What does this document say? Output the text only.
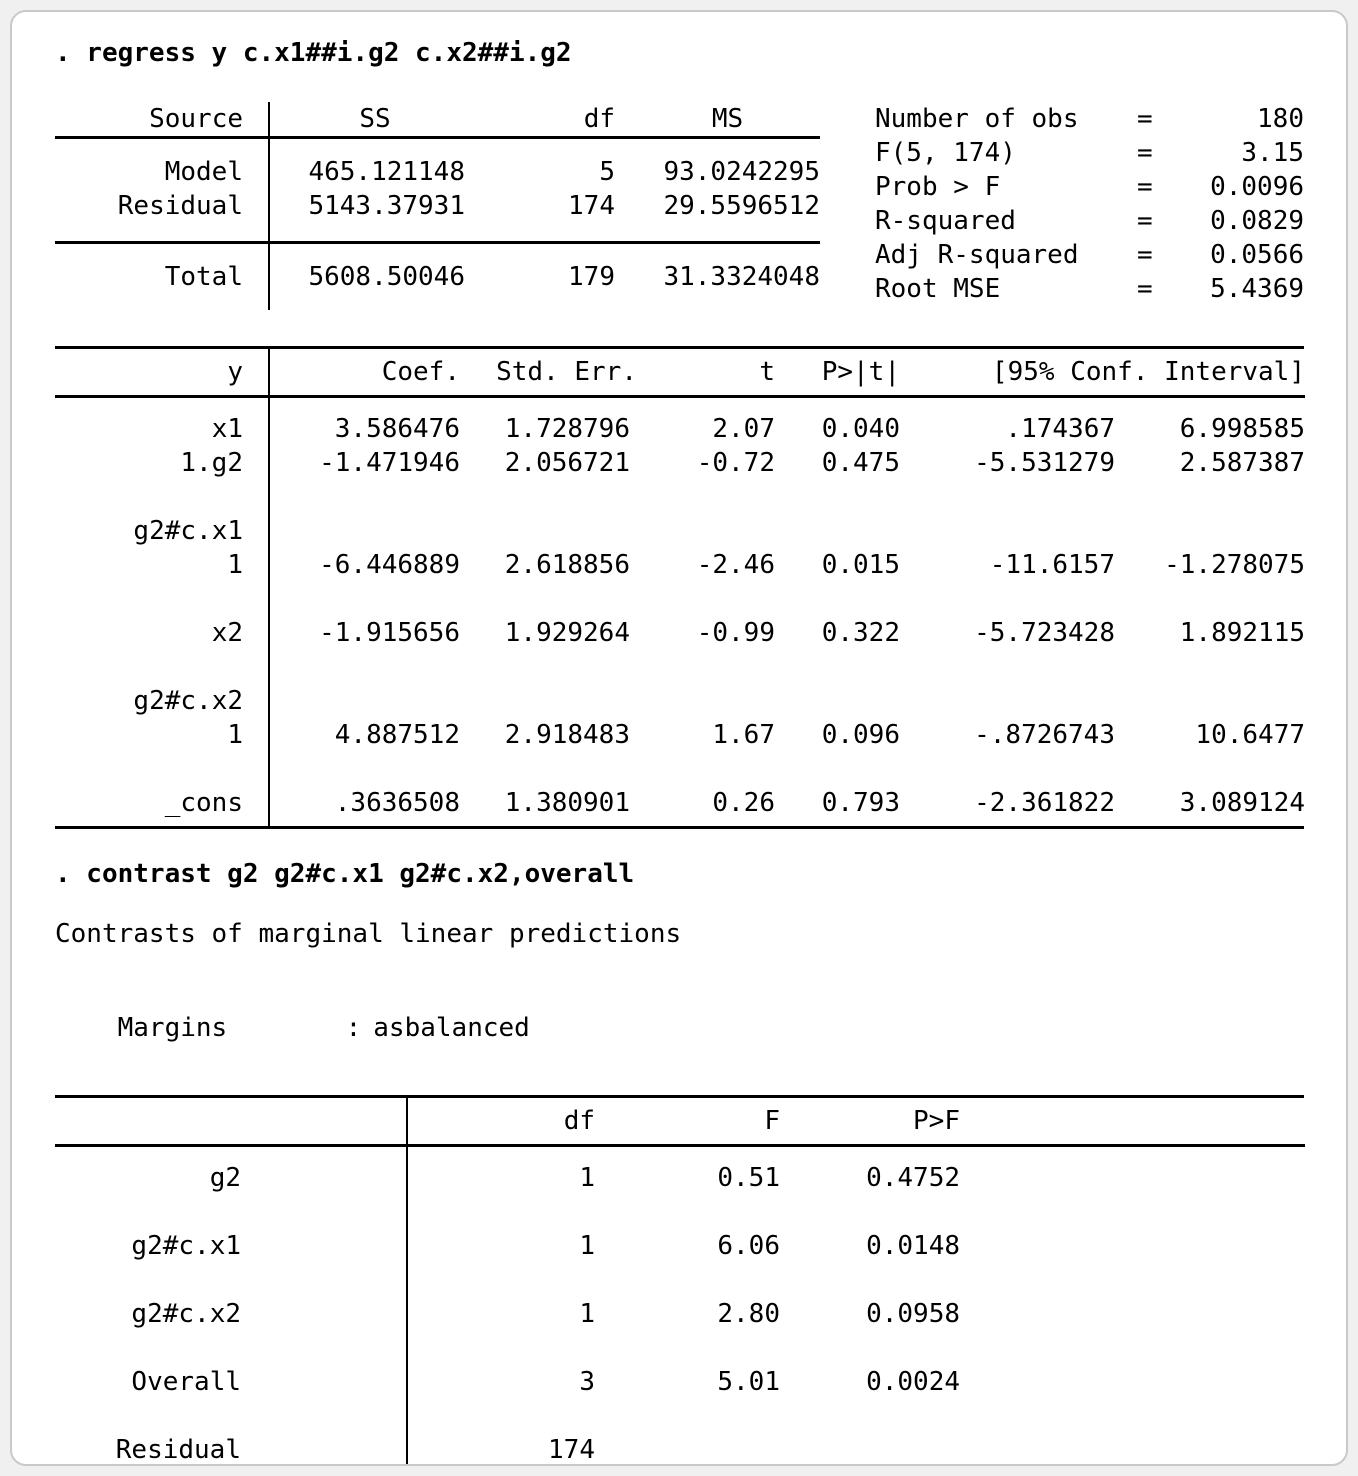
. regress y c.x1##i.g2 c.x2##i.g2
Source	SS	df	MS
Model	465.121148	5	93.0242295
Residual	5143.37931	174	29.5596512
Total	5608.50046	179	31.3324048
Number of obs	=	180
F(5, 174)	=	3.15
Prob > F	=	0.0096
R-squared	=	0.0829
Adj R-squared	=	0.0566
Root MSE	=	5.4369
y	Coef.	Std. Err.	t	P>|t|	[95% Conf. Interval]
x1	3.586476	1.728796	2.07	0.040	.174367	6.998585
1.g2	-1.471946	2.056721	-0.72	0.475	-5.531279	2.587387
g2#c.x1
1	-6.446889	2.618856	-2.46	0.015	-11.6157	-1.278075
x2	-1.915656	1.929264	-0.99	0.322	-5.723428	1.892115
g2#c.x2
1	4.887512	2.918483	1.67	0.096	-.8726743	10.6477
_cons	.3636508	1.380901	0.26	0.793	-2.361822	3.089124
. contrast g2 g2#c.x1 g2#c.x2,overall
Contrasts of marginal linear predictions

Margins	: asbalanced

df	F	P>F
g2	1	0.51	0.4752
g2#c.x1	1	6.06	0.0148
g2#c.x2	1	2.80	0.0958
Overall	3	5.01	0.0024
Residual	174
